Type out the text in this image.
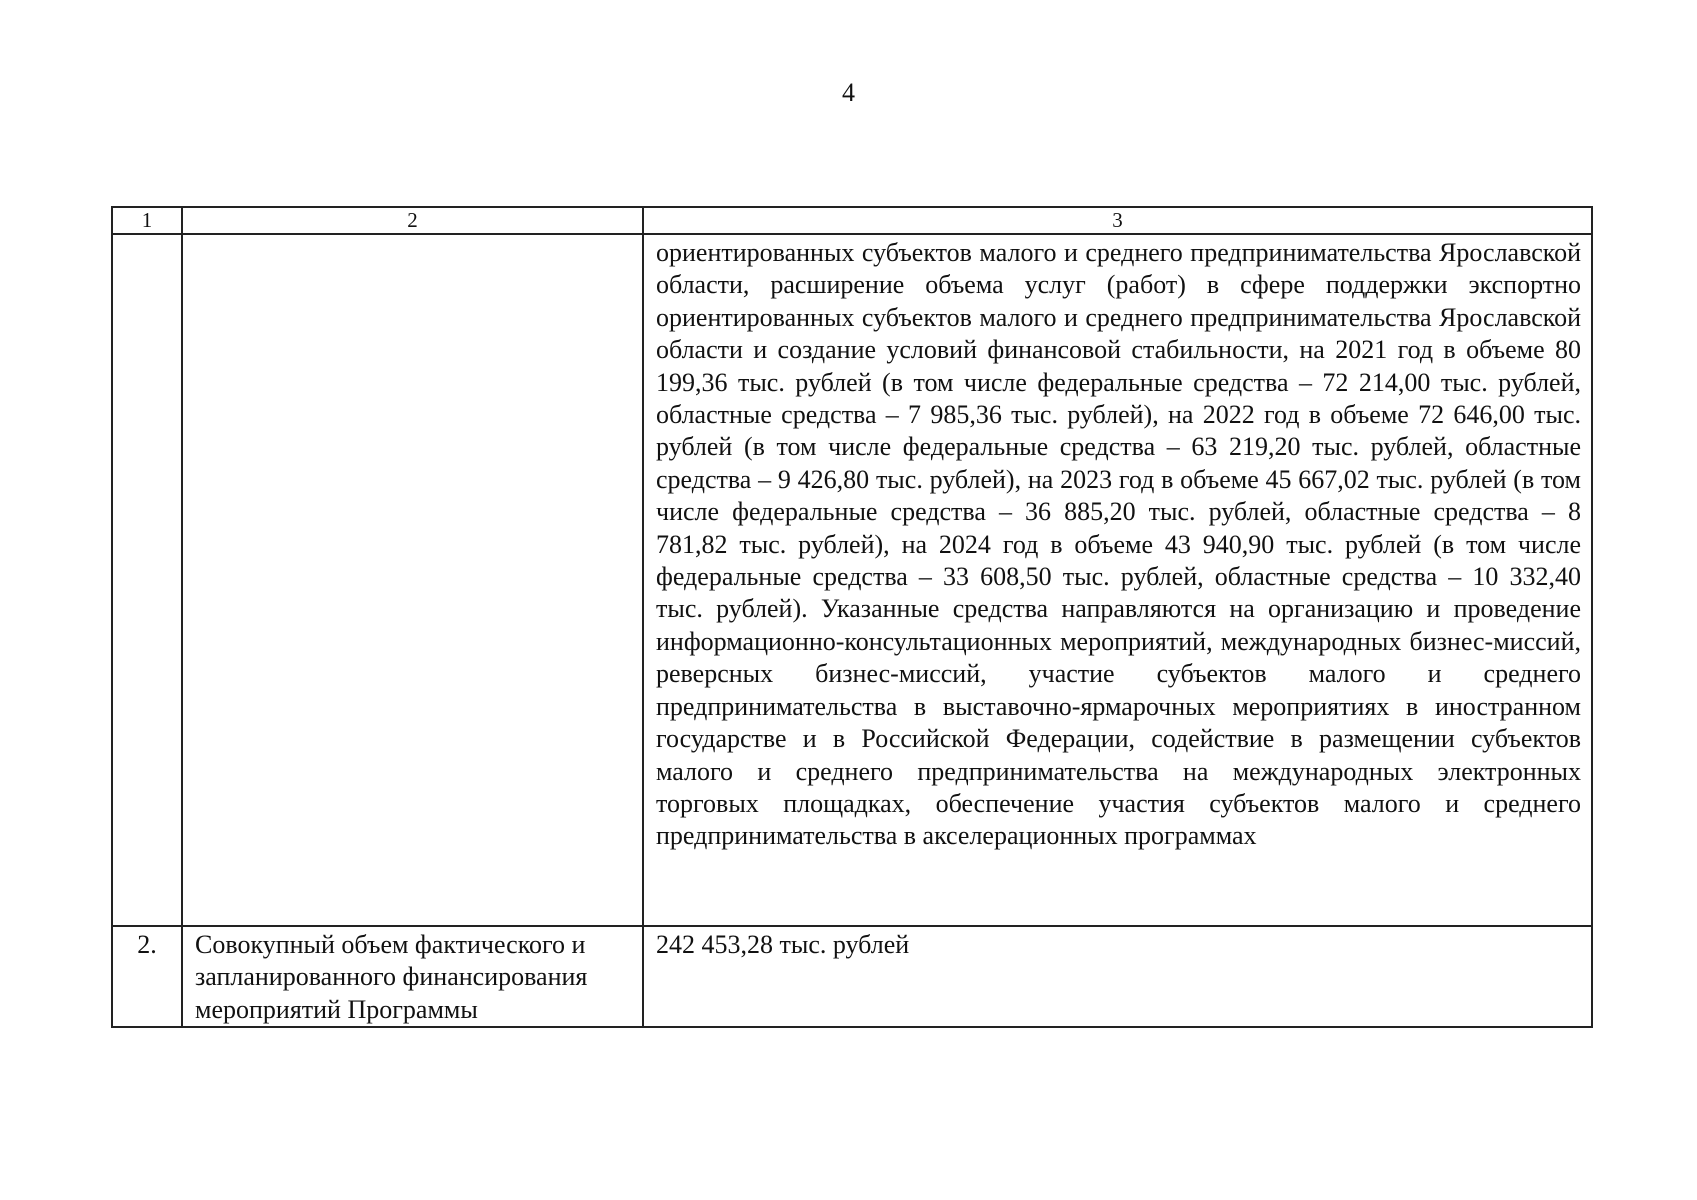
4
1	2	3
		ориентированных субъектов малого и среднего предпринимательства Ярославской области, расширение объема услуг (работ) в сфере поддержки экспортно ориентированных субъектов малого и среднего предпринимательства Ярославской области и создание условий финансовой стабильности, на 2021 год в объеме 80 199,36 тыс. рублей (в том числе федеральные средства – 72 214,00 тыс. рублей, областные средства – 7 985,36 тыс. рублей), на 2022 год в объеме 72 646,00 тыс. рублей (в том числе федеральные средства – 63 219,20 тыс. рублей, областные средства – 9 426,80 тыс. рублей), на 2023 год в объеме 45 667,02 тыс. рублей (в том числе федеральные средства – 36 885,20 тыс. рублей, областные средства – 8 781,82 тыс. рублей), на 2024 год в объеме 43 940,90 тыс. рублей (в том числе федеральные средства – 33 608,50 тыс. рублей, областные средства – 10 332,40 тыс. рублей). Указанные средства направляются на организацию и проведение информационно-консультационных мероприятий, международных бизнес-миссий, реверсных бизнес-миссий, участие субъектов малого и среднего предпринимательства в выставочно-ярмарочных мероприятиях в иностранном государстве и в Российской Федерации, содействие в размещении субъектов малого и среднего предпринимательства на международных электронных торговых площадках, обеспечение участия субъектов малого и среднего предпринимательства в акселерационных программах
2.	Совокупный объем фактического и запланированного финансирования мероприятий Программы	242 453,28 тыс. рублей
